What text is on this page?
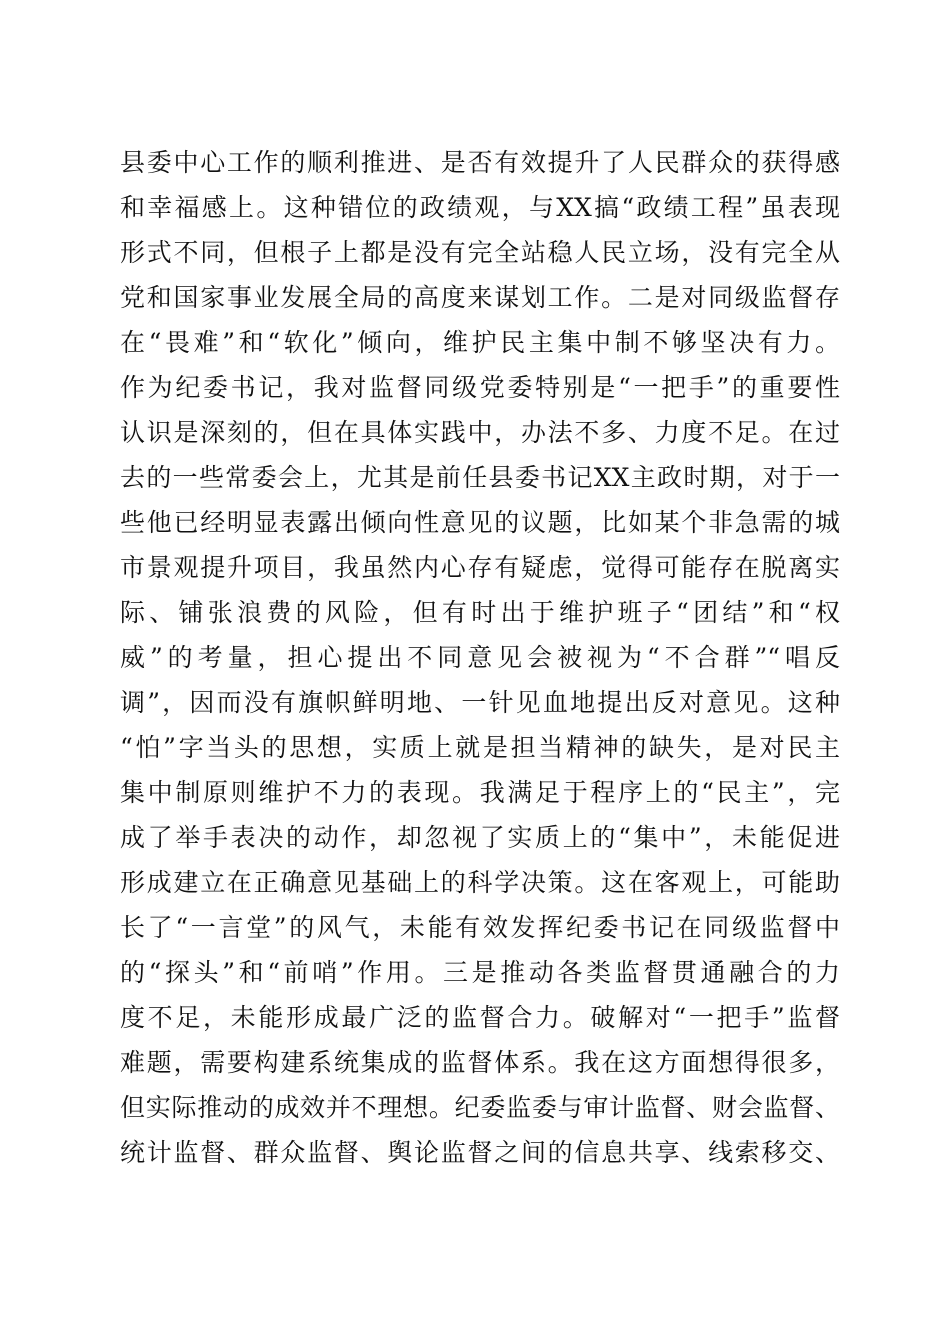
县委中心工作的顺利推进、是否有效提升了人民群众的获得感
和幸福感上。这种错位的政绩观，与XX搞“政绩工程”虽表现
形式不同，但根子上都是没有完全站稳人民立场，没有完全从
党和国家事业发展全局的高度来谋划工作。二是对同级监督存
在“畏难”和“软化”倾向，维护民主集中制不够坚决有力。
作为纪委书记，我对监督同级党委特别是“一把手”的重要性
认识是深刻的，但在具体实践中，办法不多、力度不足。在过
去的一些常委会上，尤其是前任县委书记XX主政时期，对于一
些他已经明显表露出倾向性意见的议题，比如某个非急需的城
市景观提升项目，我虽然内心存有疑虑，觉得可能存在脱离实
际、铺张浪费的风险，但有时出于维护班子“团结”和“权
威”的考量，担心提出不同意见会被视为“不合群”“唱反
调”，因而没有旗帜鲜明地、一针见血地提出反对意见。这种
“怕”字当头的思想，实质上就是担当精神的缺失，是对民主
集中制原则维护不力的表现。我满足于程序上的“民主”，完
成了举手表决的动作，却忽视了实质上的“集中”，未能促进
形成建立在正确意见基础上的科学决策。这在客观上，可能助
长了“一言堂”的风气，未能有效发挥纪委书记在同级监督中
的“探头”和“前哨”作用。三是推动各类监督贯通融合的力
度不足，未能形成最广泛的监督合力。破解对“一把手”监督
难题，需要构建系统集成的监督体系。我在这方面想得很多，
但实际推动的成效并不理想。纪委监委与审计监督、财会监督、
统计监督、群众监督、舆论监督之间的信息共享、线索移交、
